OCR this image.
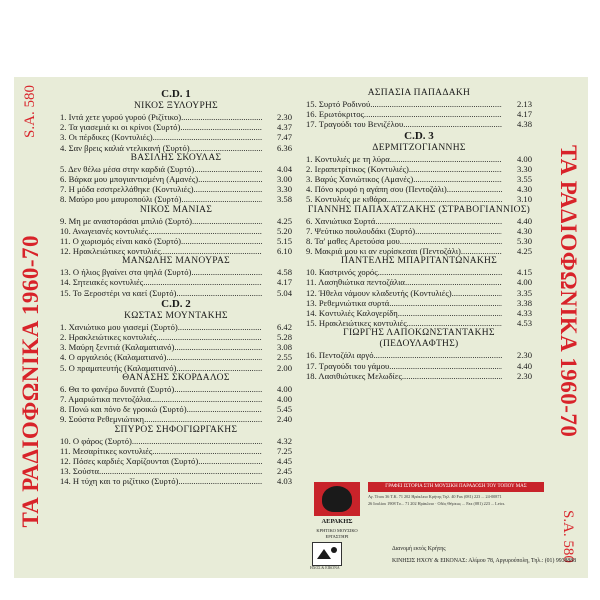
S.A. 580
ΤΑ ΡΑΔΙΟΦΩΝΙΚΑ 1960-70	ΤΑ ΡΑΔΙΟΦΩΝΙΚΑ 1960-70
S.A. 580
C.D. 1
ΝΙΚΟΣ ΞΥΛΟΥΡΗΣ
1. Ιντά χετε γυρού γυρού (Ριζίτικο) .....	2.30
2. Τα γιασεμιά κι οι κρίνοι (Συρτό) .....	4.37
3. Οι πέρδικες (Κοντυλιές) .....	7.47
4. Σαν βρεις καλιά ντελικανή (Συρτό) .....	6.36
ΒΑΣΙΛΗΣ ΣΚΟΥΛΑΣ
5. Δεν θέλω μέσα στην καρδιά (Συρτό) .....	4.04
6. Βάρκα μου μπογιαντισμένη (Αμανές) .....	3.00
7. Η μόδα εσστρελλάθηκε (Κοντυλιές) .....	3.30
8. Μαύρο μου μαυροπούλι (Συρτό) .....	3.58
ΝΙΚΟΣ ΜΑΝΙΑΣ
9. Μη με αναστοράσαι μπιλιό (Συρτό) .....	4.25
10. Ανωγειανές κοντυλιές .....	5.20
11. Ο χωρισμός είναι κακό (Συρτό) .....	5.15
12. Ηρακλειώτικες κοντυλιές .....	6.10
ΜΑΝΩΛΗΣ ΜΑΝΟΥΡΑΣ
13. Ο ήλιος βγαίνει στα ψηλά (Συρτό) .....	4.58
14. Σητειακές κοντυλιές .....	4.17
15. Το Ξεροστέρι να καεί (Συρτό) .....	5.04
C.D. 2
ΚΩΣΤΑΣ ΜΟΥΝΤΑΚΗΣ
1. Χανιώτικο μου γιασεμί (Συρτό) .....	6.42
2. Ηρακλειώτικες κοντυλιές .....	5.28
3. Μαύρη ξενιτιά (Καλαματιανό) .....	3.08
4. Ο αργαλειός (Καλαματιανό) .....	2.55
5. Ο πραματευτής (Καλαματιανό) .....	2.00
ΘΑΝΑΣΗΣ ΣΚΟΡΔΑΛΟΣ
6. Θα το φανέρω δυνατά (Συρτό) .....	4.00
7. Αμαριώτικα πεντοζάλια .....	4.00
8. Πονώ και πόνο δε γροικώ (Συρτό) .....	5.45
9. Σούστα Ρεθεμνιώτικη .....	2.40
ΣΠΥΡΟΣ ΣΗΦΟΓΙΩΡΓΑΚΗΣ
10. Ο φάρος (Συρτό) .....	4.32
11. Μεσαρίτικες κοντυλιές .....	7.25
12. Πόσες καρδιές Χαρίζουνται (Συρτό) .....	4.45
13. Σούστα .....	2.45
14. Η τύχη και το ριζίτικο (Συρτό) .....	4.03
ΑΣΠΑΣΙΑ ΠΑΠΑΔΑΚΗ
15. Συρτό Ροδινού .....	2.13
16. Ερωτόκριτος .....	4.17
17. Τραγούδι του Βενιζέλου .....	4.38
C.D. 3
ΔΕΡΜΙΤΖΟΓΙΑΝΝΗΣ
1. Κοντυλιές με τη λύρα .....	4.00
2. Ιεραπετρίτικος (Κοντυλιές) .....	3.30
3. Βαρύς Χανιώτικος (Αμανές) .....	3.55
4. Πόνο κρυφό η αγάπη σου (Πεντοζάλι) .....	4.30
5. Κοντυλιές με κιθάρα .....	3.10
ΓΙΑΝΝΗΣ ΠΑΠΑΧΑΤΖΑΚΗΣ (ΣΤΡΑΒΟΓΙΑΝΝΙΟΣ)
6. Χανιώτικα Συρτά .....	4.40
7. Ψεύτικο πουλουδάκι (Συρτό) .....	4.30
8. Τα' μαθες Αρετούσα μου .....	5.30
9. Μακριά μου κι αν ευρίσκεσαι (Πεντοζάλι) .....	4.25
ΠΑΝΤΕΛΗΣ ΜΠΑΡΙΤΑΝΤΩΝΑΚΗΣ
10. Καστρινός χορός .....	4.15
11. Λασηθιώτικα πεντοζάλια .....	4.00
12. Ήθελα νάμουν κλαδευτής (Κοντυλιές) .....	3.35
13. Ρεθεμνιώτικα συρτά .....	3.38
14. Κοντυλιές Καλογερίδη .....	4.33
15. Ηρακλειώτικες κοντυλιές .....	4.53
ΓΙΩΡΓΗΣ ΛΑΠΟΚΩΝΣΤΑΝΤΑΚΗΣ (ΠΕΔΟΥΛΑΦΤΗΣ)
16. Πεντοζάλι αργό .....	2.30
17. Τραγούδι του γάμου .....	4.40
18. Λασιθιώτικες Μελωδίες .....	2.30
ΑΕΡΑΚΗΣ
ΚΡΗΤΙΚΟ ΜΟΥΣΙΚΟ ΕΡΓΑΣΤΗΡΙ
ΓΡΑΦΕΙ ΙΣΤΟΡΙΑ ΣΤΗ ΜΟΥΣΙΚΗ ΠΑΡΑΔΟΣΗ ΤΟΥ ΤΟΠΟΥ ΜΑΣ
Αγ. Τίτου 36 Τ.Κ. 71 202 Ηράκλειο Κρήτης Τηλ. 40 Fax (081) 223 ... 24-00871
26 Ιουλίου 1908 Το... 71 202 Ηράκλειο · Οδός Θήσεως ... Fax (081) 223 ... Leics.
ΗΧΟΣ & ΕΙΚΟΝΑ
Διανομή εκτός Κρήτης
ΚΙΝΗΣΙΣ ΗΧΟΥ & ΕΙΚΟΝΑΣ: Αλίμου 78, Αργυρούπολη, Τηλ.: (01) 9938888
